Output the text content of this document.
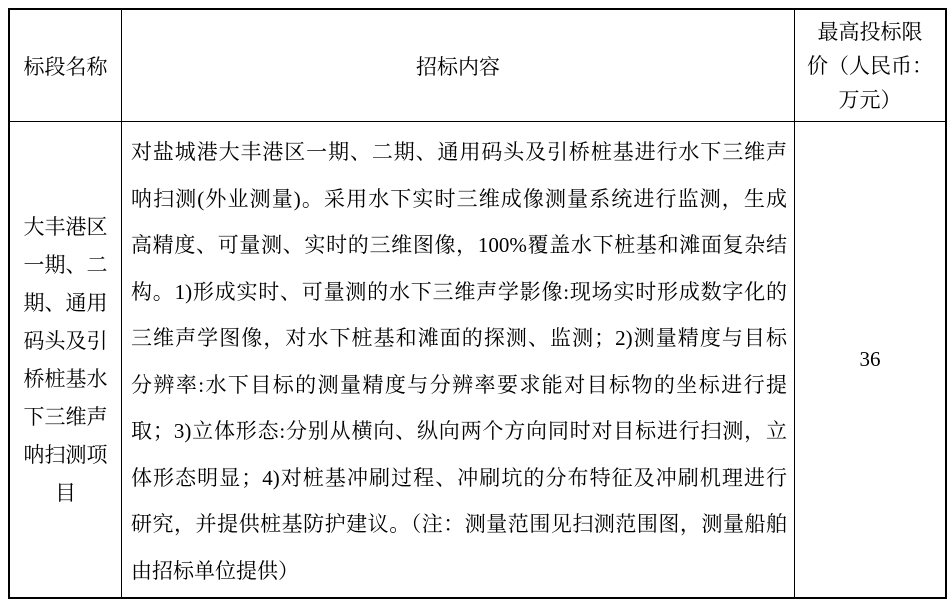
标段名称	招标内容
最高投标限
价（人民币：
万元）
大丰港区
一期、二
期、通用
码头及引
桥桩基水
下三维声
呐扫测项
目
对盐城港大丰港区一期、二期、通用码头及引桥桩基进行水下三维声
呐扫测(外业测量)。采用水下实时三维成像测量系统进行监测，生成
高精度、可量测、实时的三维图像，100%覆盖水下桩基和滩面复杂结
构。1)形成实时、可量测的水下三维声学影像:现场实时形成数字化的
三维声学图像，对水下桩基和滩面的探测、监测；2)测量精度与目标
分辨率:水下目标的测量精度与分辨率要求能对目标物的坐标进行提
取；3)立体形态:分别从横向、纵向两个方向同时对目标进行扫测，立
体形态明显；4)对桩基冲刷过程、冲刷坑的分布特征及冲刷机理进行
研究，并提供桩基防护建议。（注：测量范围见扫测范围图，测量船舶
由招标单位提供）
36
